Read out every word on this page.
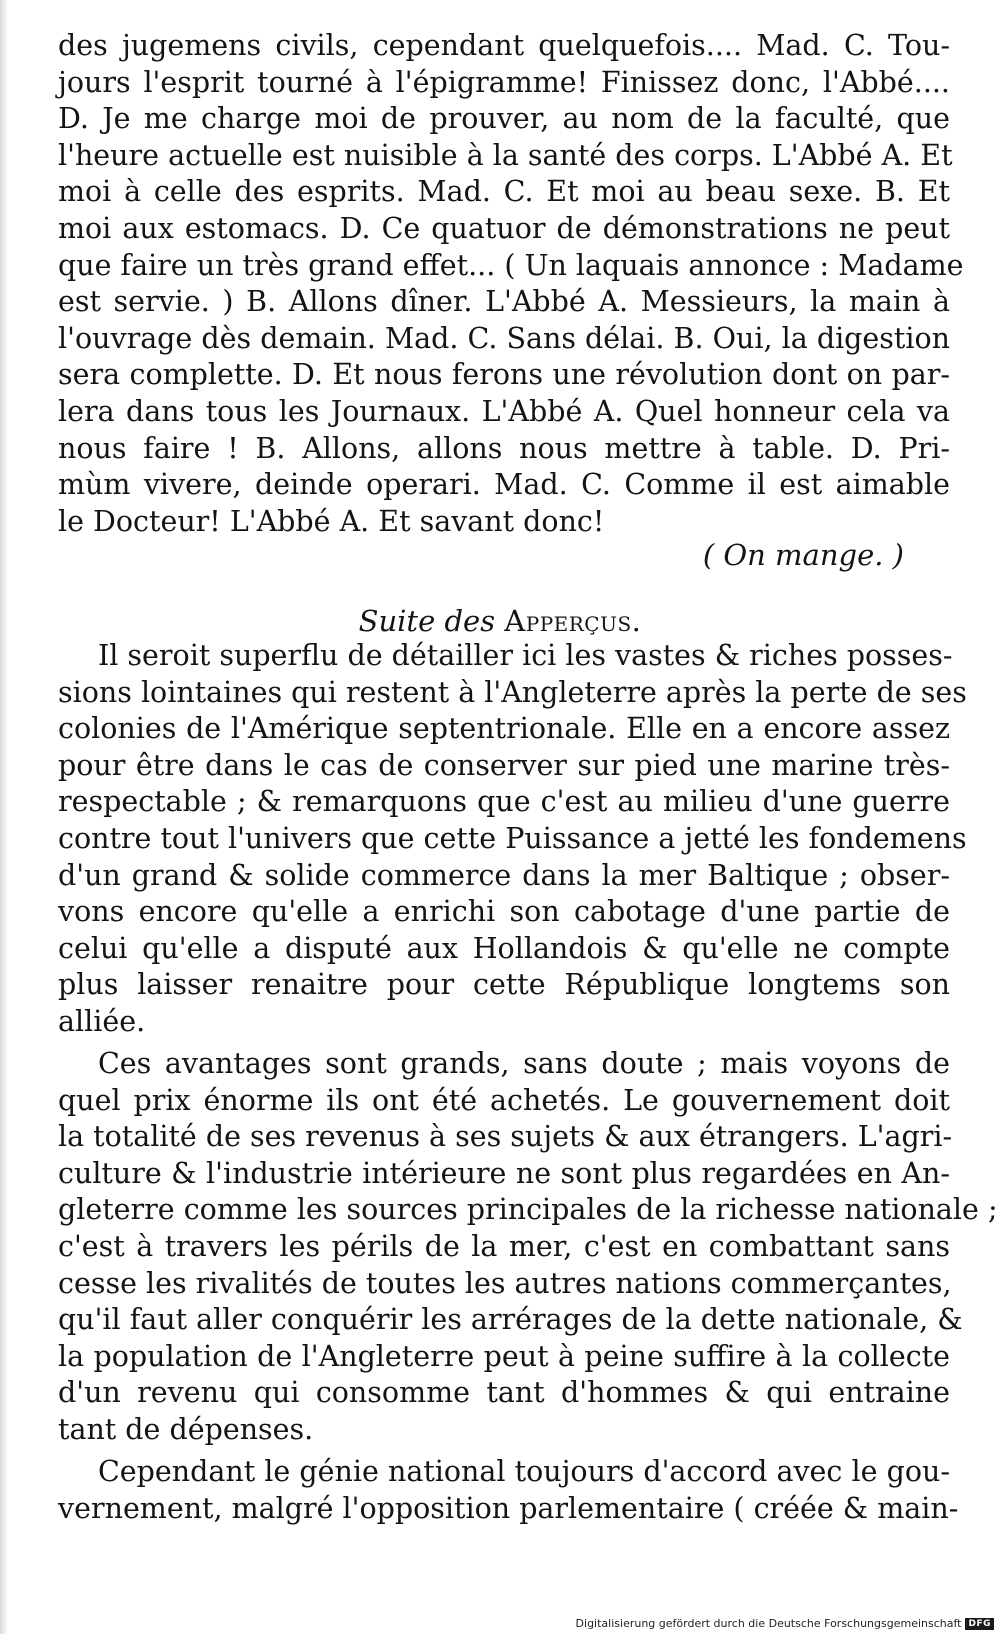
des jugemens civils, cependant quelquefois.... Mad. C. Tou-
jours l'esprit tourné à l'épigramme! Finissez donc, l'Abbé....
D. Je me charge moi de prouver, au nom de la faculté, que
l'heure actuelle est nuisible à la santé des corps. L'Abbé A. Et
moi à celle des esprits. Mad. C. Et moi au beau sexe. B. Et
moi aux estomacs. D. Ce quatuor de démonstrations ne peut
que faire un très grand effet... ( Un laquais annonce : Madame
est servie. ) B. Allons dîner. L'Abbé A. Messieurs, la main à
l'ouvrage dès demain. Mad. C. Sans délai. B. Oui, la digestion
sera complette. D. Et nous ferons une révolution dont on par-
lera dans tous les Journaux. L'Abbé A. Quel honneur cela va
nous faire ! B. Allons, allons nous mettre à table. D. Pri-
mùm vivere, deinde operari. Mad. C. Comme il est aimable
le Docteur! L'Abbé A. Et savant donc!
( On mange. )
Suite des Apperçus.
Il seroit superflu de détailler ici les vastes & riches posses-
sions lointaines qui restent à l'Angleterre après la perte de ses
colonies de l'Amérique septentrionale. Elle en a encore assez
pour être dans le cas de conserver sur pied une marine très-
respectable ; & remarquons que c'est au milieu d'une guerre
contre tout l'univers que cette Puissance a jetté les fondemens
d'un grand & solide commerce dans la mer Baltique ; obser-
vons encore qu'elle a enrichi son cabotage d'une partie de
celui qu'elle a disputé aux Hollandois & qu'elle ne compte
plus laisser renaitre pour cette République longtems son
alliée.
Ces avantages sont grands, sans doute ; mais voyons de
quel prix énorme ils ont été achetés. Le gouvernement doit
la totalité de ses revenus à ses sujets & aux étrangers. L'agri-
culture & l'industrie intérieure ne sont plus regardées en An-
gleterre comme les sources principales de la richesse nationale ;
c'est à travers les périls de la mer, c'est en combattant sans
cesse les rivalités de toutes les autres nations commerçantes,
qu'il faut aller conquérir les arrérages de la dette nationale, &
la population de l'Angleterre peut à peine suffire à la collecte
d'un revenu qui consomme tant d'hommes & qui entraine
tant de dépenses.
Cependant le génie national toujours d'accord avec le gou-
vernement, malgré l'opposition parlementaire ( créée & main-
Digitalisierung gefördert durch die Deutsche Forschungsgemeinschaft DFG
